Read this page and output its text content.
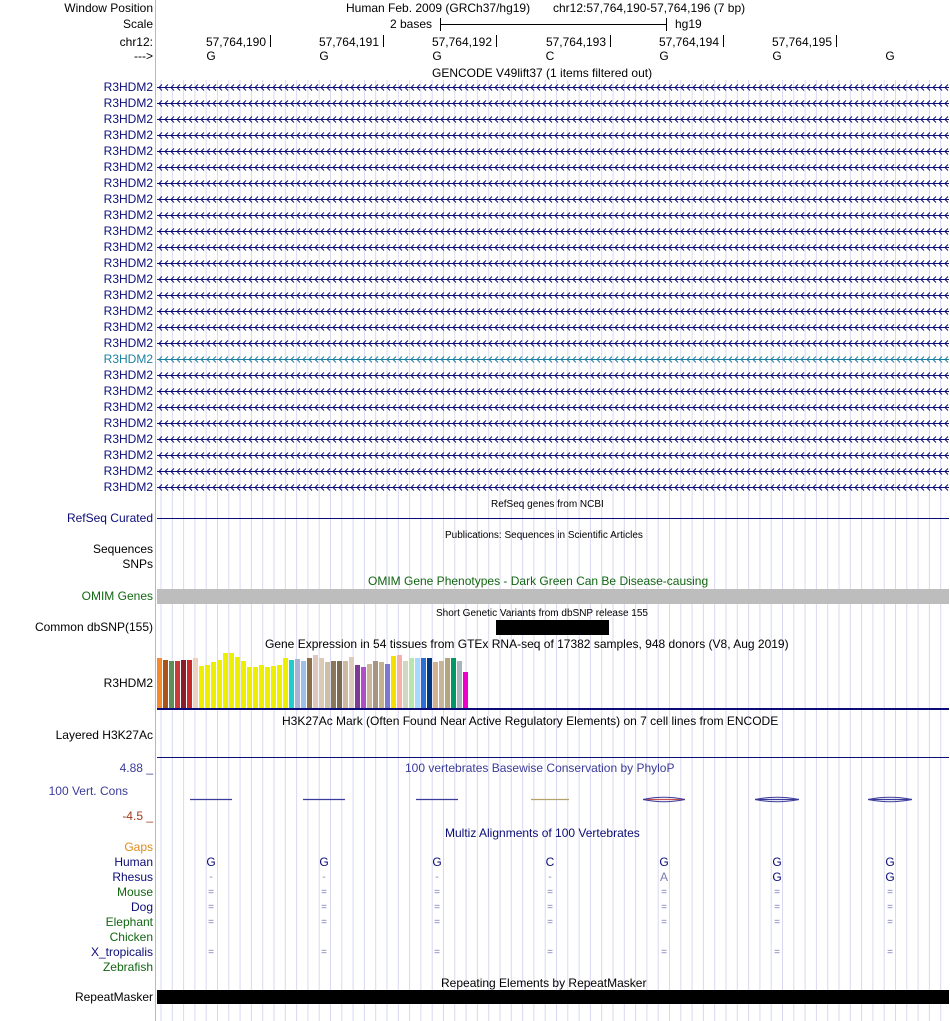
Window Position	Human Feb. 2009 (GRCh37/hg19) chr12:57,764,190-57,764,196 (7 bp)
Scale	2 bases	hg19
chr12:	57,764,190	57,764,191	57,764,192	57,764,193	57,764,194	57,764,195
--->	G	G	G	C	G	G	G
GENCODE V49lift37 (1 items filtered out)
R3HDM2
R3HDM2
R3HDM2
R3HDM2
R3HDM2
R3HDM2
R3HDM2
R3HDM2
R3HDM2
R3HDM2
R3HDM2
R3HDM2
R3HDM2
R3HDM2
R3HDM2
R3HDM2
R3HDM2
R3HDM2
R3HDM2
R3HDM2
R3HDM2
R3HDM2
R3HDM2
R3HDM2
R3HDM2
R3HDM2
RefSeq genes from NCBI
RefSeq Curated
Publications: Sequences in Scientific Articles
Sequences
SNPs
OMIM Gene Phenotypes - Dark Green Can Be Disease-causing
OMIM Genes
Short Genetic Variants from dbSNP release 155
Common dbSNP(155)
Gene Expression in 54 tissues from GTEx RNA-seq of 17382 samples, 948 donors (V8, Aug 2019)
R3HDM2
H3K27Ac Mark (Often Found Near Active Regulatory Elements) on 7 cell lines from ENCODE
Layered H3K27Ac
100 vertebrates Basewise Conservation by PhyloP
4.88 _
100 Vert. Cons
-4.5 _
Multiz Alignments of 100 Vertebrates
Gaps
Human	G	G	G	C	G	G	G
Rhesus	-	-	-	-	A	G	G
Mouse	=	=	=	=	=	=	=
Dog	=	=	=	=	=	=	=
Elephant	=	=	=	=	=	=	=
Chicken
X_tropicalis	=	=	=	=	=	=	=
Zebrafish
Repeating Elements by RepeatMasker
RepeatMasker
